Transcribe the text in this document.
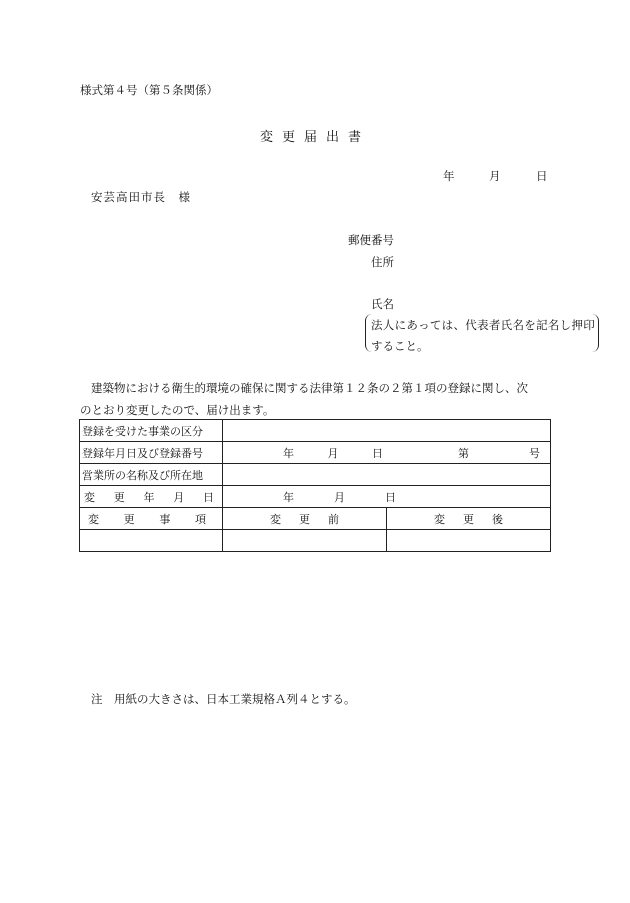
様式第４号（第５条関係）
変更届出書
年	月	日
安芸高田市長　様
郵便番号
住所
氏名
法人にあっては、代表者氏名を記名し押印
すること。
建築物における衛生的環境の確保に関する法律第１２条の２第１項の登録に関し、次
のとおり変更したので、届け出ます。
登録を受けた事業の区分		
登録年月日及び登録番号	年 月 日 第 号	

営業所の名称及び所在地		

変 更 年 月 日	年 月 日	

変 更 事 項	変 更 前	変 更 後

注　用紙の大きさは、日本工業規格Ａ列４とする。
